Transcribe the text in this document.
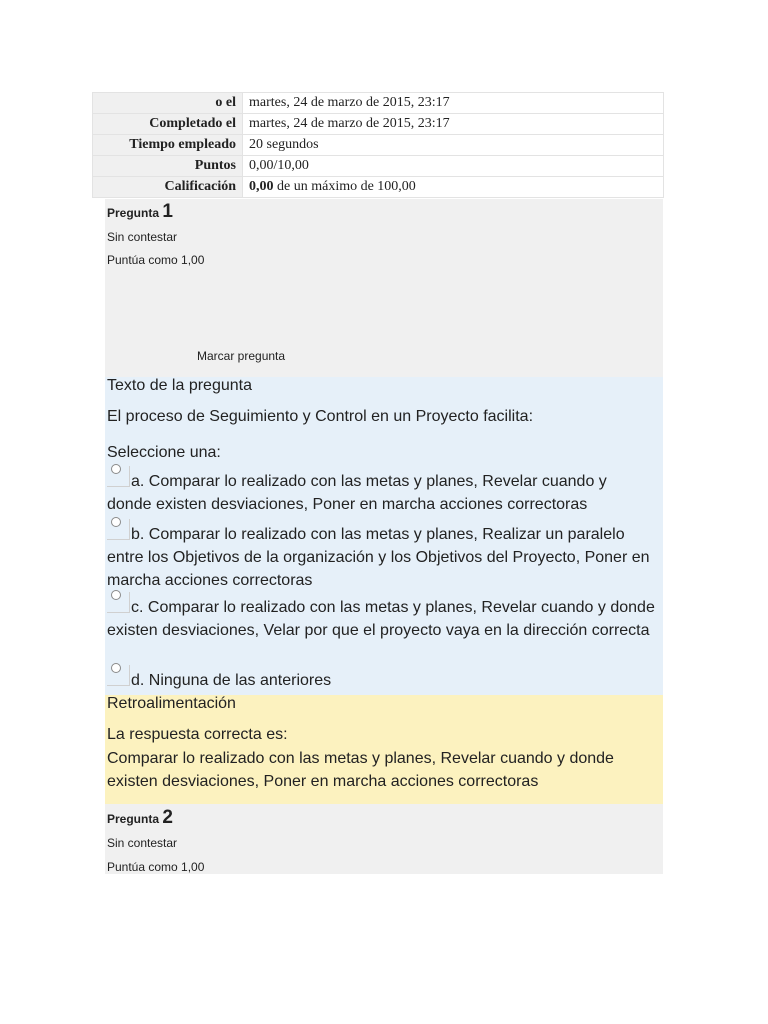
o el	martes, 24 de marzo de 2015, 23:17
Completado el	martes, 24 de marzo de 2015, 23:17
Tiempo empleado	20 segundos
Puntos	0,00/10,00
Calificación	0,00 de un máximo de 100,00
Pregunta 1
Sin contestar
Puntúa como 1,00
Marcar pregunta
Texto de la pregunta
El proceso de Seguimiento y Control en un Proyecto facilita:
Seleccione una:
a. Comparar lo realizado con las metas y planes, Revelar cuando y donde existen desviaciones, Poner en marcha acciones correctoras
b. Comparar lo realizado con las metas y planes, Realizar un paralelo entre los Objetivos de la organización y los Objetivos del Proyecto, Poner en marcha acciones correctoras
c. Comparar lo realizado con las metas y planes, Revelar cuando y donde existen desviaciones, Velar por que el proyecto vaya en la dirección correcta
d. Ninguna de las anteriores
Retroalimentación
La respuesta correcta es:
Comparar lo realizado con las metas y planes, Revelar cuando y donde
existen desviaciones, Poner en marcha acciones correctoras
Pregunta 2
Sin contestar
Puntúa como 1,00
